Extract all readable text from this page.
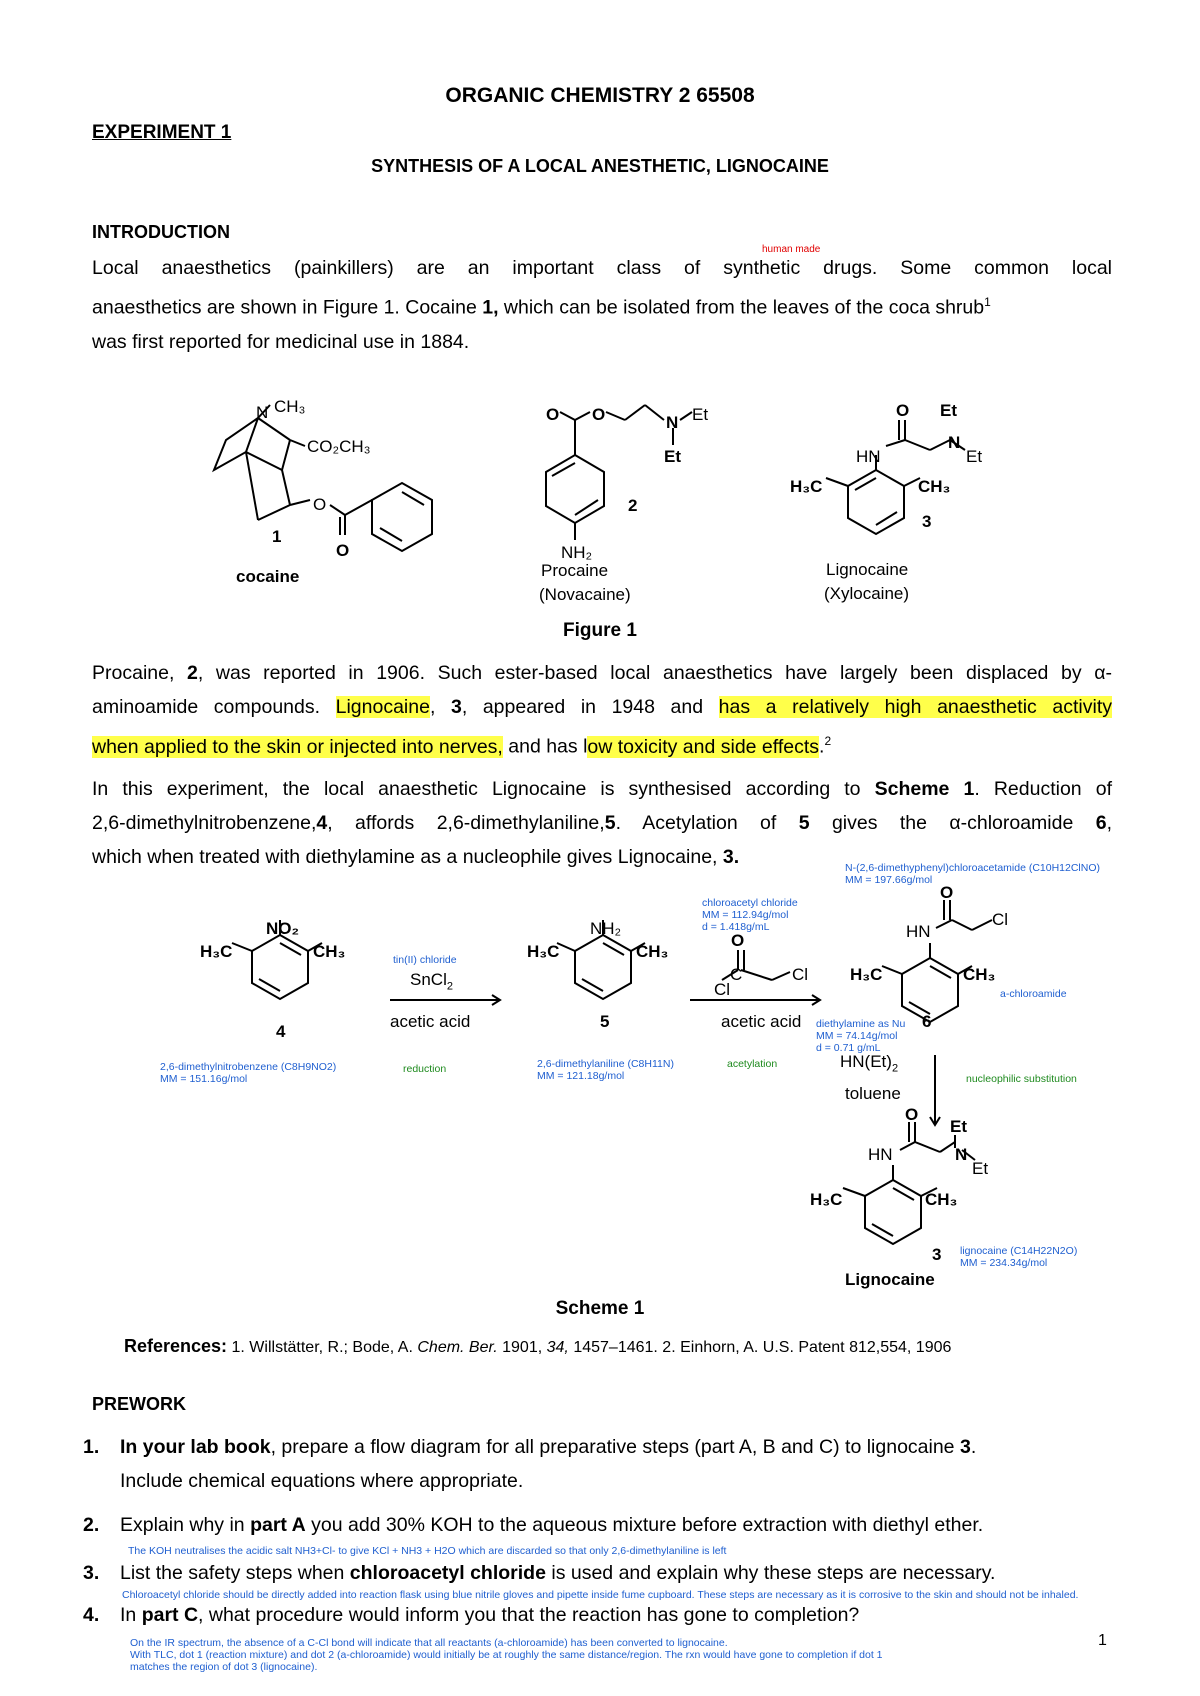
ORGANIC CHEMISTRY 2 65508
EXPERIMENT 1
SYNTHESIS OF A LOCAL ANESTHETIC, LIGNOCAINE
INTRODUCTION
human made
Local anaesthetics (painkillers) are an important class of synthetic drugs. Some common local
anaesthetics are shown in Figure 1. Cocaine 1, which can be isolated from the leaves of the coca shrub$^1$
was first reported for medicinal use in 1884.
N CH₃
CO₂CH₃
O
O
O O	N Et
Et
NH₂
O Et
N
Et
HN
H₃C	CH₃
1
cocaine
2
Procaine
(Novacaine)
3
Lignocaine
(Xylocaine)
Figure 1
Procaine, 2, was reported in 1906. Such ester-based local anaesthetics have largely been displaced by α-
aminoamide compounds. Lignocaine, 3, appeared in 1948 and has a relatively high anaesthetic activity
when applied to the skin or injected into nerves, and has low toxicity and side effects.$^2$
In this experiment, the local anaesthetic Lignocaine is synthesised according to Scheme 1. Reduction of
2,6-dimethylnitrobenzene,4, affords 2,6-dimethylaniline,5. Acetylation of 5 gives the α-chloroamide 6,
which when treated with diethylamine as a nucleophile gives Lignocaine, 3.
NO₂
H₃C	CH₃
NH₂
H₃C	CH₃
O
Cl
Cl
C
O
HN
Cl
H₃C	CH₃
O
Et
N
Et
HN
H₃C	CH₃
4
5	6
3
Lignocaine
tin(II) chloride
SnCl$_2$
acetic acid	acetic acid
$HN(Et)_2$
toluene
reduction	acetylation
nucleophilic substitution
a-chloroamide
2,6-dimethylnitrobenzene (C8H9NO2)
MM = 151.16g/mol
2,6-dimethylaniline (C8H11N)
MM = 121.18g/mol
chloroacetyl chloride
MM = 112.94g/mol
d = 1.418g/mL
N-(2,6-dimethyphenyl)chloroacetamide (C10H12ClNO)
MM = 197.66g/mol
diethylamine as Nu
MM = 74.14g/mol
d = 0.71 g/mL
lignocaine (C14H22N2O)
MM = 234.34g/mol
Scheme 1
References: 1. Willstätter, R.; Bode, A. Chem. Ber. 1901, 34, 1457–1461. 2. Einhorn, A. U.S. Patent 812,554, 1906
PREWORK
1. In your lab book, prepare a flow diagram for all preparative steps (part A, B and C) to lignocaine 3.
Include chemical equations where appropriate.
2. Explain why in part A you add 30% KOH to the aqueous mixture before extraction with diethyl ether.
The KOH neutralises the acidic salt NH3+Cl- to give KCl + NH3 + H2O which are discarded so that only 2,6-dimethylaniline is left
3. List the safety steps when chloroacetyl chloride is used and explain why these steps are necessary.
Chloroacetyl chloride should be directly added into reaction flask using blue nitrile gloves and pipette inside fume cupboard. These steps are necessary as it is corrosive to the skin and should not be inhaled.
4. In part C, what procedure would inform you that the reaction has gone to completion?
On the IR spectrum, the absence of a C-Cl bond will indicate that all reactants (a-chloroamide) has been converted to lignocaine.
With TLC, dot 1 (reaction mixture) and dot 2 (a-chloroamide) would initially be at roughly the same distance/region. The rxn would have gone to completion if dot 1
matches the region of dot 3 (lignocaine).
1
